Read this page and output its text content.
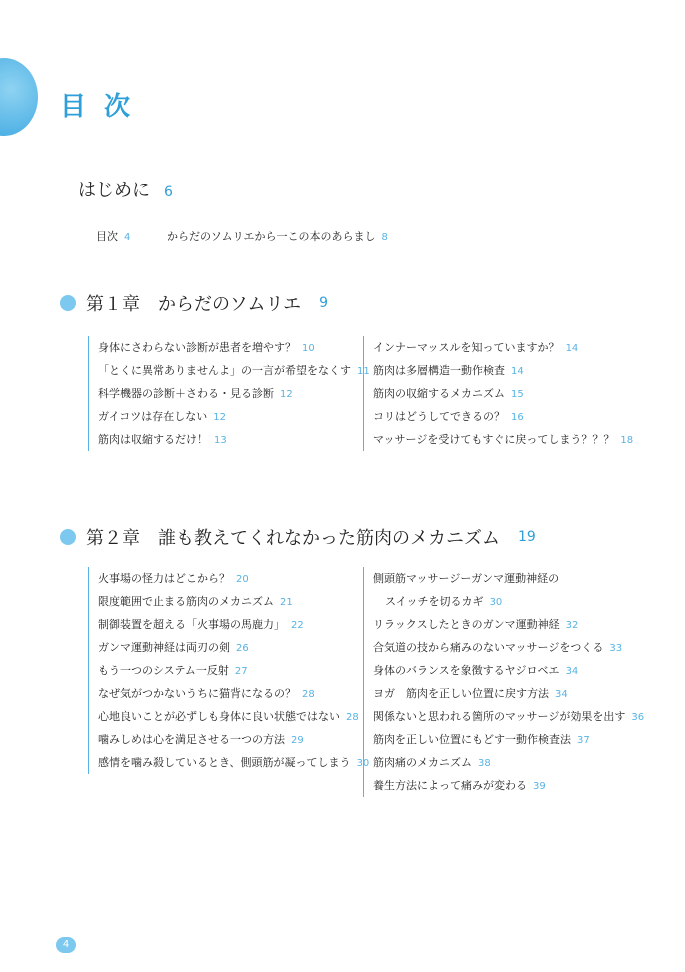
目次
はじめに 6
目次 4	からだのソムリエから一この本のあらまし 8
第１章 からだのソムリエ 9
身体にさわらない診断が患者を増やす？ 10
「とくに異常ありませんよ」の一言が希望をなくす 11
科学機器の診断＋さわる・見る診断 12
ガイコツは存在しない 12
筋肉は収縮するだけ！ 13
インナーマッスルを知っていますか？ 14
筋肉は多層構造一動作検査 14
筋肉の収縮するメカニズム 15
コリはどうしてできるの？ 16
マッサージを受けてもすぐに戻ってしまう？？？ 18
第２章 誰も教えてくれなかった筋肉のメカニズム 19
火事場の怪力はどこから？ 20
限度範囲で止まる筋肉のメカニズム 21
制御装置を超える「火事場の馬鹿力」 22
ガンマ運動神経は両刃の剣 26
もう一つのシステム一反射 27
なぜ気がつかないうちに猫背になるの？ 28
心地良いことが必ずしも身体に良い状態ではない 28
噛みしめは心を満足させる一つの方法 29
感情を噛み殺しているとき、側頭筋が凝ってしまう 30
側頭筋マッサージーガンマ運動神経の
スイッチを切るカギ 30
リラックスしたときのガンマ運動神経 32
合気道の技から痛みのないマッサージをつくる 33
身体のバランスを象徴するヤジロベエ 34
ヨガ　筋肉を正しい位置に戻す方法 34
関係ないと思われる箇所のマッサージが効果を出す 36
筋肉を正しい位置にもどす一動作検査法 37
筋肉痛のメカニズム 38
養生方法によって痛みが変わる 39
4
